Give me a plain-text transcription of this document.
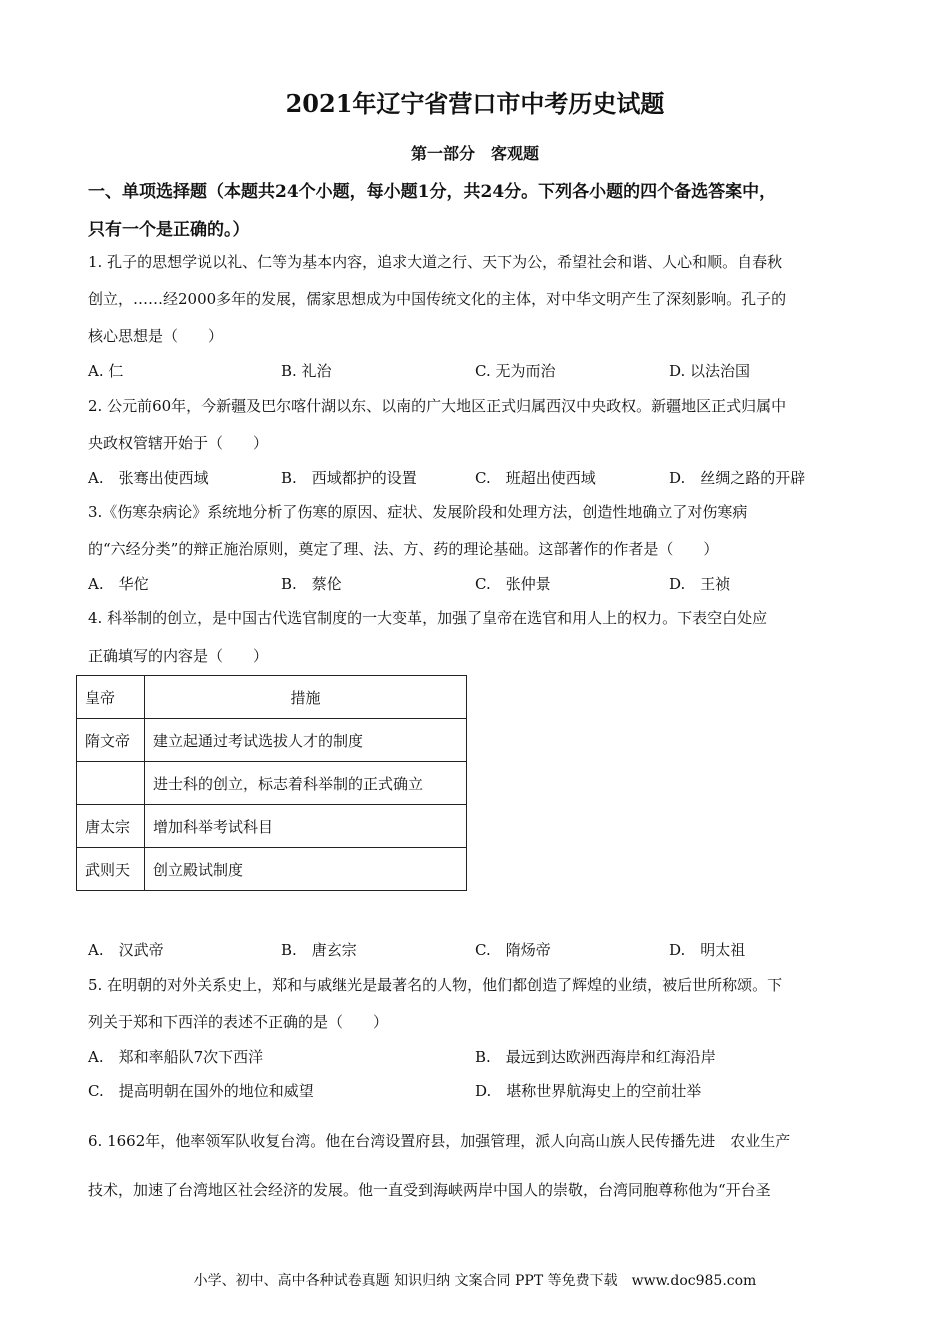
2021年辽宁省营口市中考历史试题
第一部分　客观题
一、单项选择题（本题共24个小题，每小题1分，共24分。下列各小题的四个备选答案中，
只有一个是正确的。）
1. 孔子的思想学说以礼、仁等为基本内容，追求大道之行、天下为公，希望社会和谐、人心和顺。自春秋
创立，……经2000多年的发展，儒家思想成为中国传统文化的主体，对中华文明产生了深刻影响。孔子的
核心思想是（　　）
A. 仁	B. 礼治	C. 无为而治	D. 以法治国
2. 公元前60年，今新疆及巴尔喀什湖以东、以南的广大地区正式归属西汉中央政权。新疆地区正式归属中
央政权管辖开始于（　　）
A.　张骞出使西域	B.　西域都护的设置	C.　班超出使西域	D.　丝绸之路的开辟
3.《伤寒杂病论》系统地分析了伤寒的原因、症状、发展阶段和处理方法，创造性地确立了对伤寒病
的“六经分类”的辩正施治原则，奠定了理、法、方、药的理论基础。这部著作的作者是（　　）
A.　华佗	B.　蔡伦	C.　张仲景	D.　王祯
4. 科举制的创立，是中国古代选官制度的一大变革，加强了皇帝在选官和用人上的权力。下表空白处应
正确填写的内容是（　　）
皇帝	措施
隋文帝	建立起通过考试选拔人才的制度
	进士科的创立，标志着科举制的正式确立
唐太宗	增加科举考试科目
武则天	创立殿试制度
A.　汉武帝	B.　唐玄宗	C.　隋炀帝	D.　明太祖
5. 在明朝的对外关系史上，郑和与戚继光是最著名的人物，他们都创造了辉煌的业绩，被后世所称颂。下
列关于郑和下西洋的表述不正确的是（　　）
A.　郑和率船队7次下西洋	B.　最远到达欧洲西海岸和红海沿岸
C.　提高明朝在国外的地位和威望	D.　堪称世界航海史上的空前壮举
6. 1662年，他率领军队收复台湾。他在台湾设置府县，加强管理，派人向高山族人民传播先进　农业生产
技术，加速了台湾地区社会经济的发展。他一直受到海峡两岸中国人的崇敬，台湾同胞尊称他为“开台圣
小学、初中、高中各种试卷真题 知识归纳 文案合同 PPT 等免费下载　www.doc985.com
